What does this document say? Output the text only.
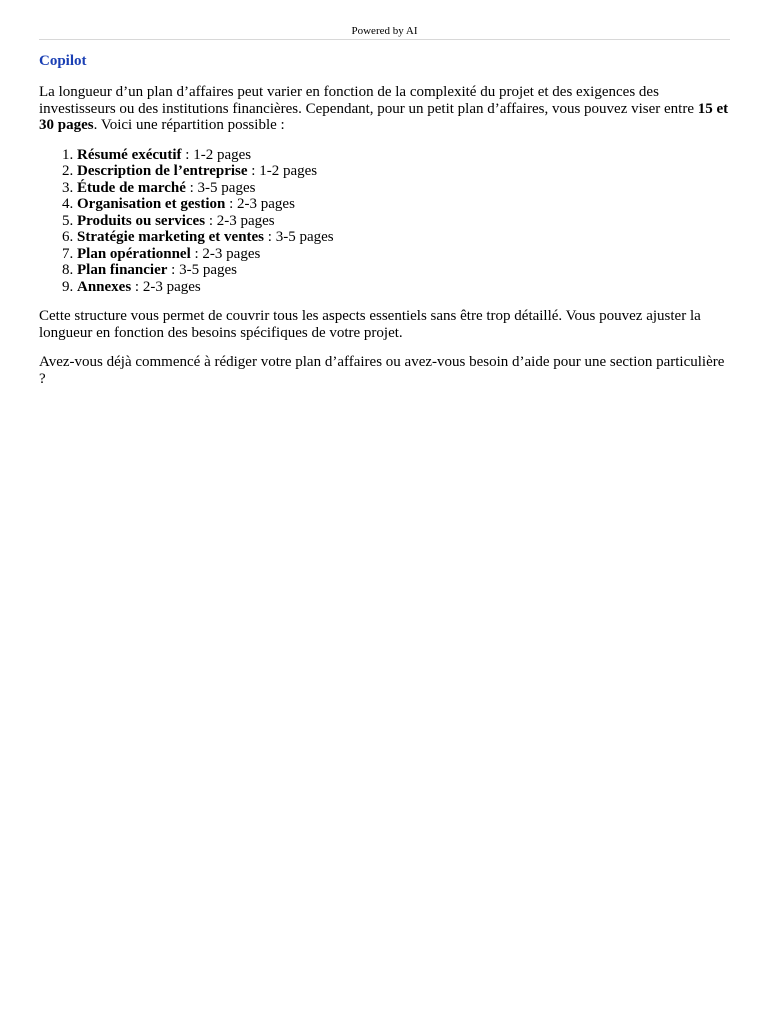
Powered by AI
Copilot

La longueur d’un plan d’affaires peut varier en fonction de la complexité du projet et des exigences des investisseurs ou des institutions financières. Cependant, pour un petit plan d’affaires, vous pouvez viser entre 15 et 30 pages. Voici une répartition possible :

1. Résumé exécutif : 1-2 pages
2. Description de l’entreprise : 1-2 pages
3. Étude de marché : 3-5 pages
4. Organisation et gestion : 2-3 pages
5. Produits ou services : 2-3 pages
6. Stratégie marketing et ventes : 3-5 pages
7. Plan opérationnel : 2-3 pages
8. Plan financier : 3-5 pages
9. Annexes : 2-3 pages

Cette structure vous permet de couvrir tous les aspects essentiels sans être trop détaillé. Vous pouvez ajuster la longueur en fonction des besoins spécifiques de votre projet.

Avez-vous déjà commencé à rédiger votre plan d’affaires ou avez-vous besoin d’aide pour une section particulière ?
